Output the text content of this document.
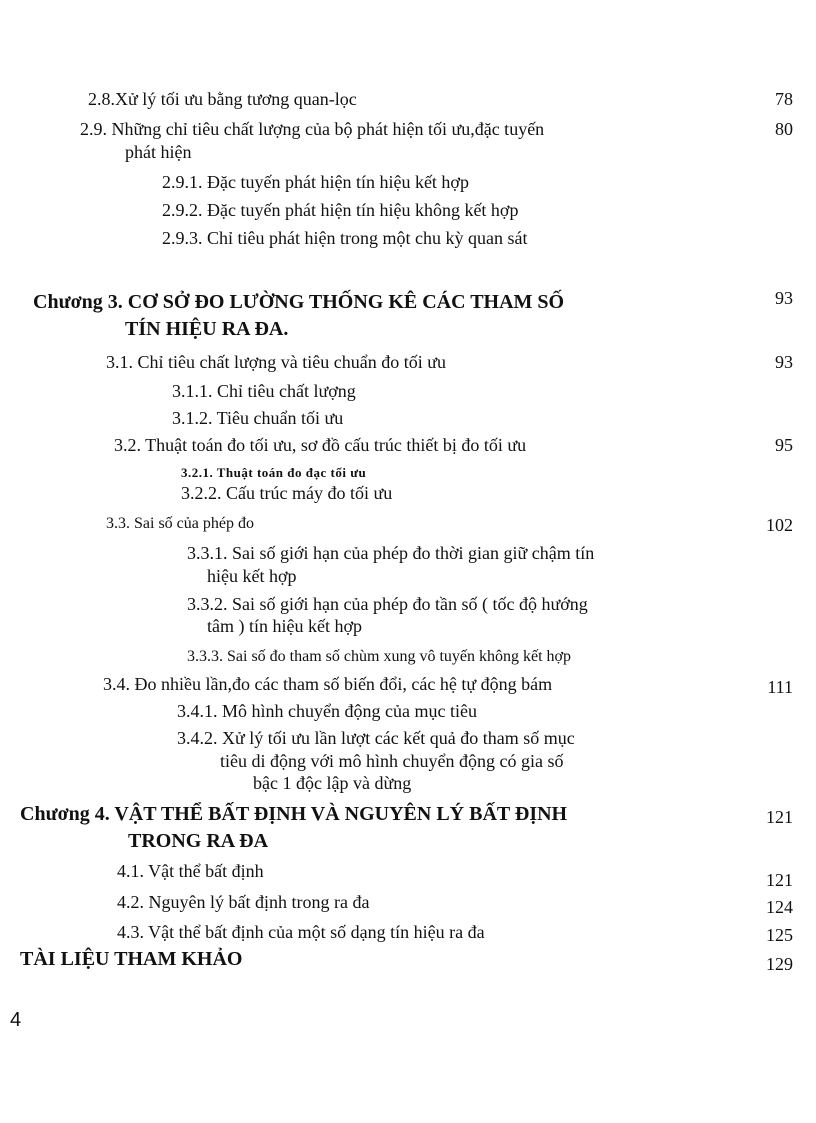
2.8.Xử lý tối ưu bằng tương quan-lọc	78
2.9. Những chỉ tiêu chất lượng của bộ phát hiện tối ưu,đặc tuyến	80
phát hiện
2.9.1. Đặc tuyến phát hiện tín hiệu kết hợp
2.9.2. Đặc tuyến phát hiện tín hiệu không kết hợp
2.9.3. Chỉ tiêu phát hiện trong một chu kỳ quan sát
Chương 3. CƠ SỞ ĐO LƯỜNG THỐNG KÊ CÁC THAM SỐ	93
TÍN HIỆU RA ĐA.
3.1. Chỉ tiêu chất lượng và tiêu chuẩn đo tối ưu	93
3.1.1. Chỉ tiêu chất lượng
3.1.2. Tiêu chuẩn tối ưu
3.2. Thuật toán đo tối ưu, sơ đồ cấu trúc thiết bị đo tối ưu	95
3.2.1. Thuật toán đo đạc tối ưu
3.2.2. Cấu trúc máy đo tối ưu
3.3. Sai số của phép đo	102
3.3.1. Sai số giới hạn của phép đo thời gian giữ chậm tín
hiệu kết hợp
3.3.2. Sai số giới hạn của phép đo tần số ( tốc độ hướng
tâm ) tín hiệu kết hợp
3.3.3. Sai số đo tham số chùm xung vô tuyến không kết hợp
3.4. Đo nhiều lần,đo các tham số biến đổi, các hệ tự động bám	111
3.4.1. Mô hình chuyển động của mục tiêu
3.4.2. Xử lý tối ưu lần lượt các kết quả đo tham số mục
tiêu di động với mô hình chuyển động có gia số
bậc 1 độc lập và dừng
Chương 4. VẬT THỂ BẤT ĐỊNH VÀ NGUYÊN LÝ BẤT ĐỊNH	121
TRONG RA ĐA
4.1. Vật thể bất định	121
4.2. Nguyên lý bất định trong ra đa	124
4.3. Vật thể bất định của một số dạng tín hiệu ra đa	125
TÀI LIỆU THAM KHẢO	129
4
